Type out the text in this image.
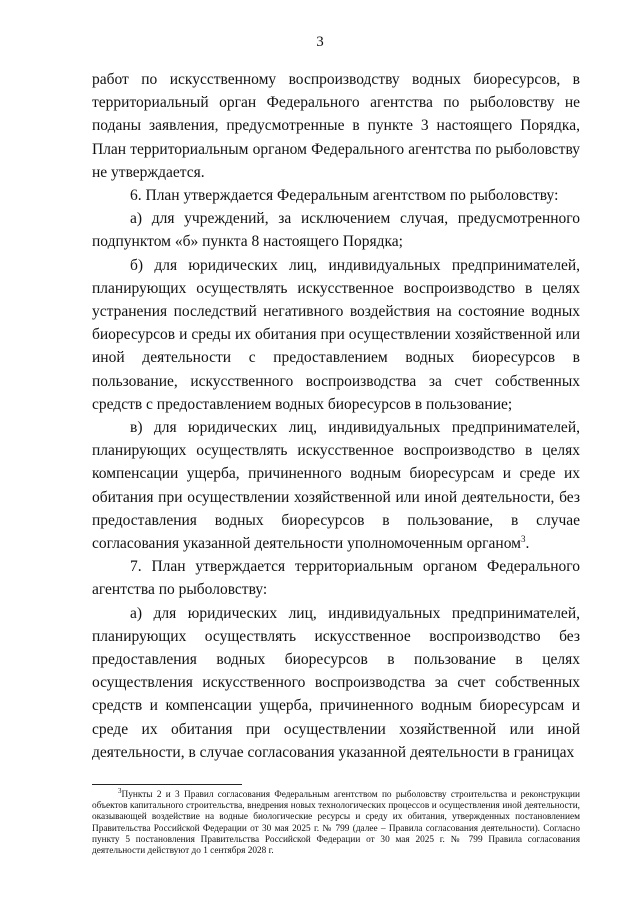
3

работ по искусственному воспроизводству водных биоресурсов, в территориальный орган Федерального агентства по рыболовству не поданы заявления, предусмотренные в пункте 3 настоящего Порядка, План территориальным органом Федерального агентства по рыболовству не утверждается.

6. План утверждается Федеральным агентством по рыболовству:

а) для учреждений, за исключением случая, предусмотренного подпунктом «б» пункта 8 настоящего Порядка;

б) для юридических лиц, индивидуальных предпринимателей, планирующих осуществлять искусственное воспроизводство в целях устранения последствий негативного воздействия на состояние водных биоресурсов и среды их обитания при осуществлении хозяйственной или иной деятельности с предоставлением водных биоресурсов в пользование, искусственного воспроизводства за счет собственных средств с предоставлением водных биоресурсов в пользование;

в) для юридических лиц, индивидуальных предпринимателей, планирующих осуществлять искусственное воспроизводство в целях компенсации ущерба, причиненного водным биоресурсам и среде их обитания при осуществлении хозяйственной или иной деятельности, без предоставления водных биоресурсов в пользование, в случае согласования указанной деятельности уполномоченным органом$^3$.

7. План утверждается территориальным органом Федерального агентства по рыболовству:

а) для юридических лиц, индивидуальных предпринимателей, планирующих осуществлять искусственное воспроизводство без предоставления водных биоресурсов в пользование в целях осуществления искусственного воспроизводства за счет собственных средств и компенсации ущерба, причиненного водным биоресурсам и среде их обитания при осуществлении хозяйственной или иной деятельности, в случае согласования указанной деятельности в границах

$^3$Пункты 2 и 3 Правил согласования Федеральным агентством по рыболовству строительства и реконструкции объектов капитального строительства, внедрения новых технологических процессов и осуществления иной деятельности, оказывающей воздействие на водные биологические ресурсы и среду их обитания, утвержденных постановлением Правительства Российской Федерации от 30 мая 2025 г. № 799 (далее – Правила согласования деятельности). Согласно пункту 5 постановления Правительства Российской Федерации от 30 мая 2025 г. № 799 Правила согласования деятельности действуют до 1 сентября 2028 г.
